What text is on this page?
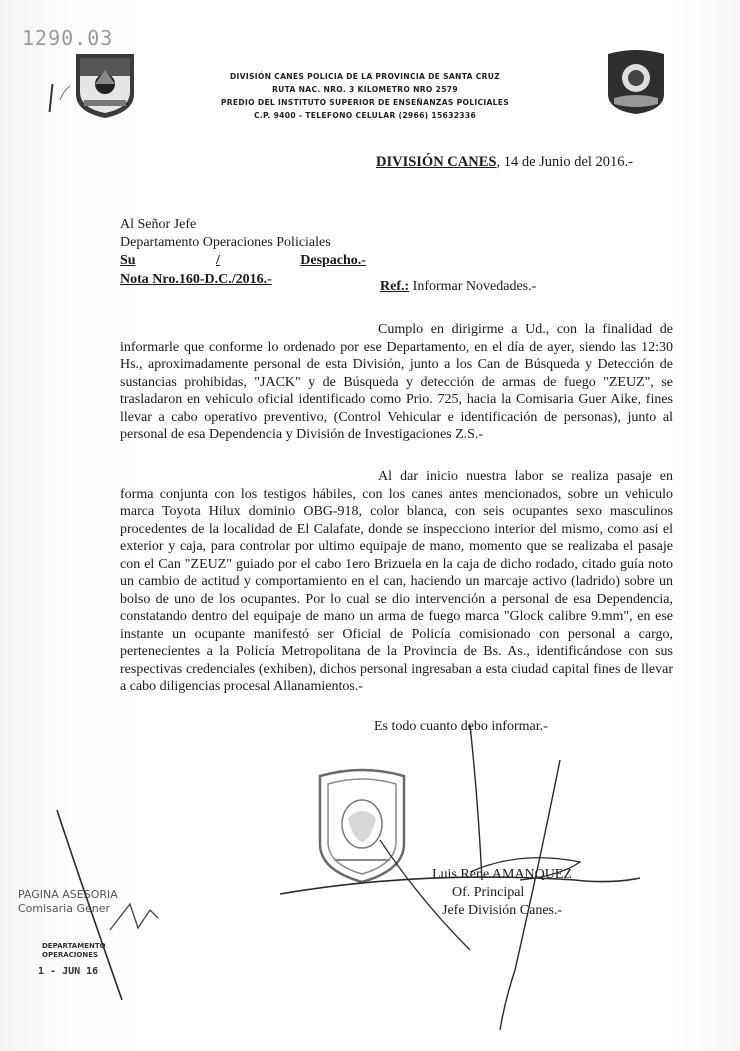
1290.03
DIVISIÓN CANES POLICIA DE LA PROVINCIA DE SANTA CRUZ
RUTA NAC. NRO. 3 KILOMETRO NRO 2579
PREDIO DEL INSTITUTO SUPERIOR DE ENSEÑANZAS POLICIALES
C.P. 9400 - TELEFONO CELULAR (2966) 15632336
DIVISIÓN CANES, 14 de Junio del 2016.-
Al Señor Jefe
Departamento Operaciones Policiales
Su	/	Despacho.-
Nota Nro.160-D.C./2016.-	Ref.: Informar Novedades.-
Cumplo en dirigirme a Ud., con la finalidad de informarle que conforme lo ordenado por ese Departamento, en el día de ayer, siendo las 12:30 Hs., aproximadamente personal de esta División, junto a los Can de Búsqueda y Detección de sustancias prohibidas, "JACK" y de Búsqueda y detección de armas de fuego "ZEUZ", se trasladaron en vehiculo oficial identificado como Prio. 725, hacia la Comisaria Guer Aike, fines llevar a cabo operativo preventivo, (Control Vehicular e identificación de personas), junto al personal de esa Dependencia y División de Investigaciones Z.S.-
Al dar inicio nuestra labor se realiza pasaje en forma conjunta con los testigos hábiles, con los canes antes mencionados, sobre un vehiculo marca Toyota Hilux dominio OBG-918, color blanca, con seis ocupantes sexo masculinos procedentes de la localidad de El Calafate, donde se inspecciono interior del mismo, como asi el exterior y caja, para controlar por ultimo equipaje de mano, momento que se realizaba el pasaje con el Can "ZEUZ" guiado por el cabo 1ero Brizuela en la caja de dicho rodado, citado guía noto un cambio de actitud y comportamiento en el can, haciendo un marcaje activo (ladrido) sobre un bolso de uno de los ocupantes. Por lo cual se dio intervención a personal de esa Dependencia, constatando dentro del equipaje de mano un arma de fuego marca "Glock calibre 9.mm", en ese instante un ocupante manifestó ser Oficial de Policía comisionado con personal a cargo, pertenecientes a la Policía Metropolitana de la Provincia de Bs. As., identificándose con sus respectivas credenciales (exhiben), dichos personal ingresaban a esta ciudad capital fines de llevar a cabo diligencias procesal Allanamientos.-
Es todo cuanto debo informar.-
Luis Rene AMANQUEZ
Of. Principal
Jefe División Canes.-
PAGINA ASESORIA
Comisaria Gener
DEPARTAMENTO
OPERACIONES
1 - JUN 16
